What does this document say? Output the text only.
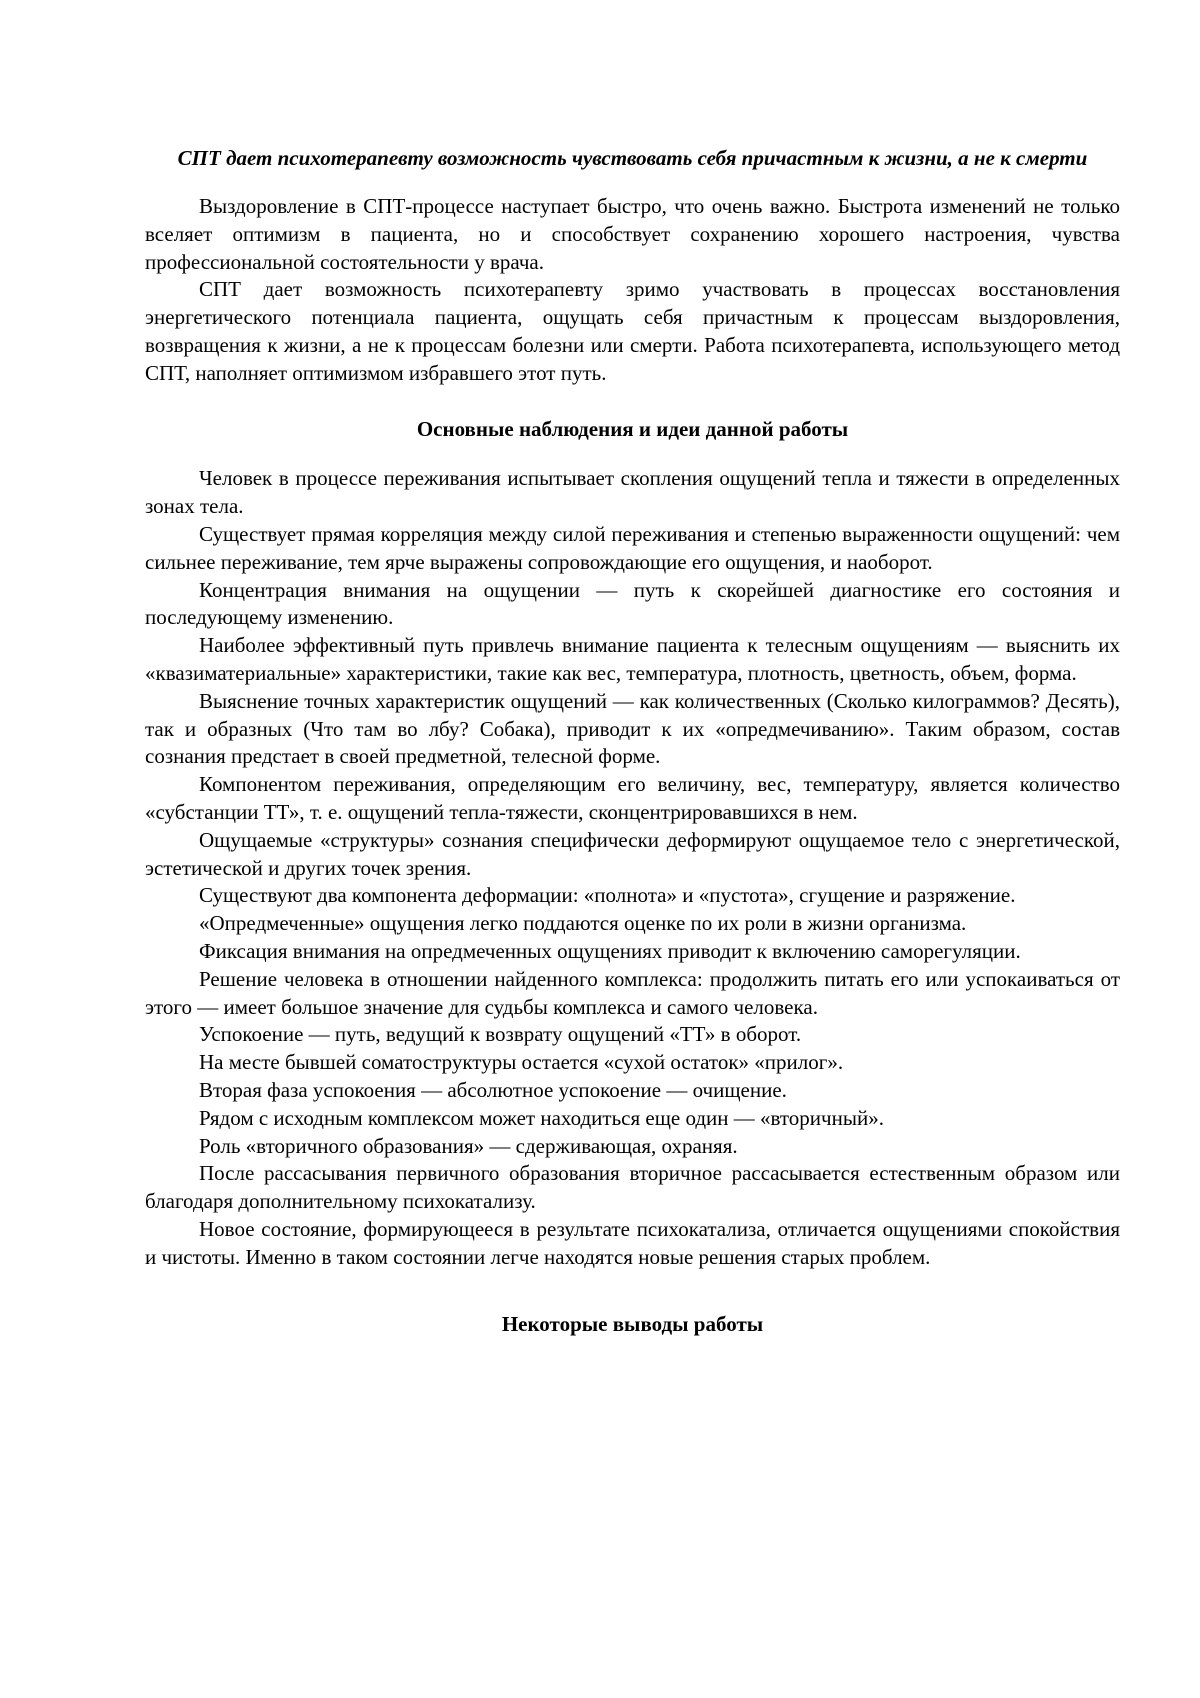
СПТ дает психотерапевту возможность чувствовать себя причастным к жизни, а не к смерти

Выздоровление в СПТ-процессе наступает быстро, что очень важно. Быстрота изменений не только вселяет оптимизм в пациента, но и способствует сохранению хорошего настроения, чувства профессиональной состоятельности у врача.

СПТ дает возможность психотерапевту зримо участвовать в процессах восстановления энергетического потенциала пациента, ощущать себя причастным к процессам выздоровления, возвращения к жизни, а не к процессам болезни или смерти. Работа психотерапевта, использующего метод СПТ, наполняет оптимизмом избравшего этот путь.

Основные наблюдения и идеи данной работы

Человек в процессе переживания испытывает скопления ощущений тепла и тяжести в определенных зонах тела.

Существует прямая корреляция между силой переживания и степенью выраженности ощущений: чем сильнее переживание, тем ярче выражены сопровождающие его ощущения, и наоборот.

Концентрация внимания на ощущении — путь к скорейшей диагностике его состояния и последующему изменению.

Наиболее эффективный путь привлечь внимание пациента к телесным ощущениям — выяснить их «квазиматериальные» характеристики, такие как вес, температура, плотность, цветность, объем, форма.

Выяснение точных характеристик ощущений — как количественных (Сколько килограммов? Десять), так и образных (Что там во лбу? Собака), приводит к их «опредмечиванию». Таким образом, состав сознания предстает в своей предметной, телесной форме.

Компонентом переживания, определяющим его величину, вес, температуру, является количество «субстанции ТТ», т. е. ощущений тепла-тяжести, сконцентрировавшихся в нем.

Ощущаемые «структуры» сознания специфически деформируют ощущаемое тело с энергетической, эстетической и других точек зрения.

Существуют два компонента деформации: «полнота» и «пустота», сгущение и разряжение.

«Опредмеченные» ощущения легко поддаются оценке по их роли в жизни организма.

Фиксация внимания на опредмеченных ощущениях приводит к включению саморегуляции.

Решение человека в отношении найденного комплекса: продолжить питать его или успокаиваться от этого — имеет большое значение для судьбы комплекса и самого человека.

Успокоение — путь, ведущий к возврату ощущений «ТТ» в оборот.

На месте бывшей соматоструктуры остается «сухой остаток» «прилог».

Вторая фаза успокоения — абсолютное успокоение — очищение.

Рядом с исходным комплексом может находиться еще один — «вторичный».

Роль «вторичного образования» — сдерживающая, охраняя.

После рассасывания первичного образования вторичное рассасывается естественным образом или благодаря дополнительному психокатализу.

Новое состояние, формирующееся в результате психокатализа, отличается ощущениями спокойствия и чистоты. Именно в таком состоянии легче находятся новые решения старых проблем.

Некоторые выводы работы
